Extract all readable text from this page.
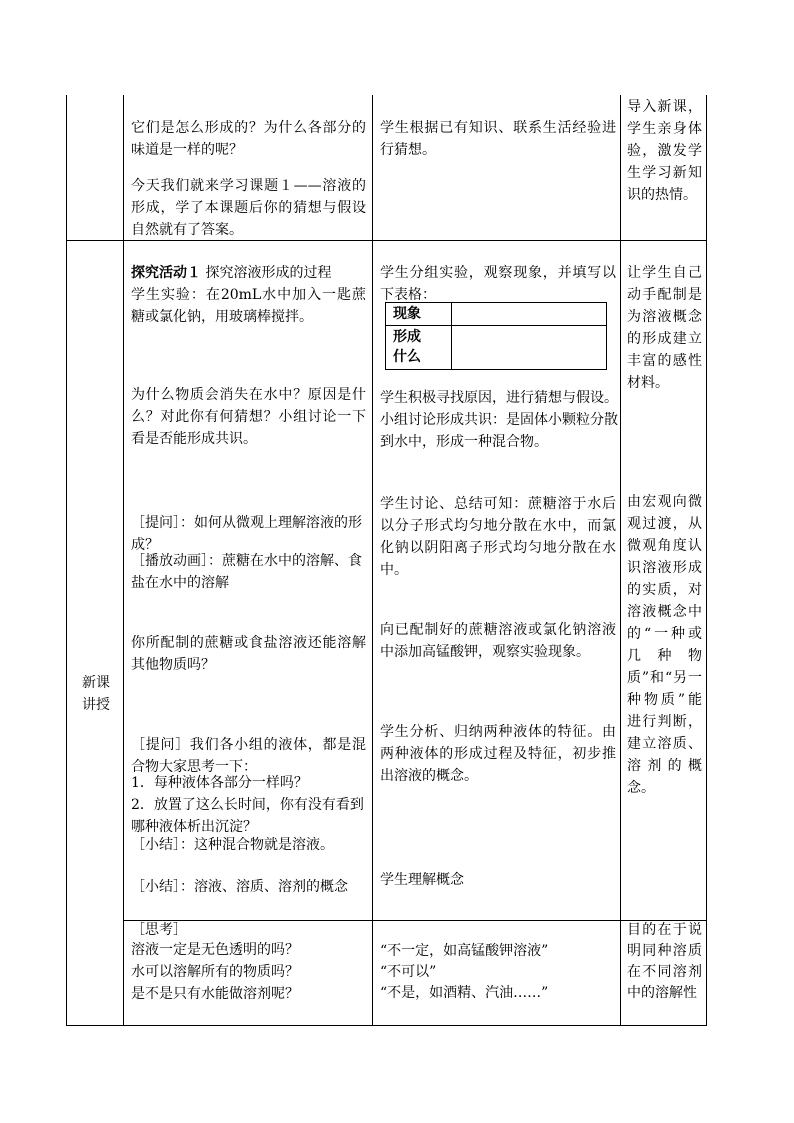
它们是怎么形成的？为什么各部分的味道是一样的呢？
今天我们就来学习课题１——溶液的形成，学了本课题后你的猜想与假设自然就有了答案。
学生根据已有知识、联系生活经验进行猜想。
导入新课，学生亲身体验，激发学生学习新知识的热情。

新课讲授

探究活动１ 探究溶液形成的过程
学生实验：在20mL水中加入一匙蔗糖或氯化钠，用玻璃棒搅拌。
为什么物质会消失在水中？原因是什么？对此你有何猜想？小组讨论一下看是否能形成共识。
［提问］：如何从微观上理解溶液的形成？
［播放动画］：蔗糖在水中的溶解、食盐在水中的溶解
你所配制的蔗糖或食盐溶液还能溶解其他物质吗？
［提问］我们各小组的液体，都是混合物大家思考一下：
1．每种液体各部分一样吗？
2．放置了这么长时间，你有没有看到哪种液体析出沉淀？
［小结］：这种混合物就是溶液。
［小结］：溶液、溶质、溶剂的概念
学生分组实验，观察现象，并填写以下表格：
现象
形成
什么
学生积极寻找原因，进行猜想与假设。小组讨论形成共识：是固体小颗粒分散到水中，形成一种混合物。
学生讨论、总结可知：蔗糖溶于水后以分子形式均匀地分散在水中，而氯化钠以阴阳离子形式均匀地分散在水中。
向已配制好的蔗糖溶液或氯化钠溶液中添加高锰酸钾，观察实验现象。
学生分析、归纳两种液体的特征。由两种液体的形成过程及特征，初步推出溶液的概念。
学生理解概念
让学生自己动手配制是为溶液概念的形成建立丰富的感性材料。
由宏观向微观过渡，从微观角度认识溶液形成的实质，对溶液概念中的“一种或几种物质”和“另一种物质”能进行判断，建立溶质、溶剂的概念。
［思考］
溶液一定是无色透明的吗？
水可以溶解所有的物质吗？
是不是只有水能做溶剂呢？
“不一定，如高锰酸钾溶液”
“不可以”
“不是，如酒精、汽油……”
目的在于说明同种溶质在不同溶剂中的溶解性
